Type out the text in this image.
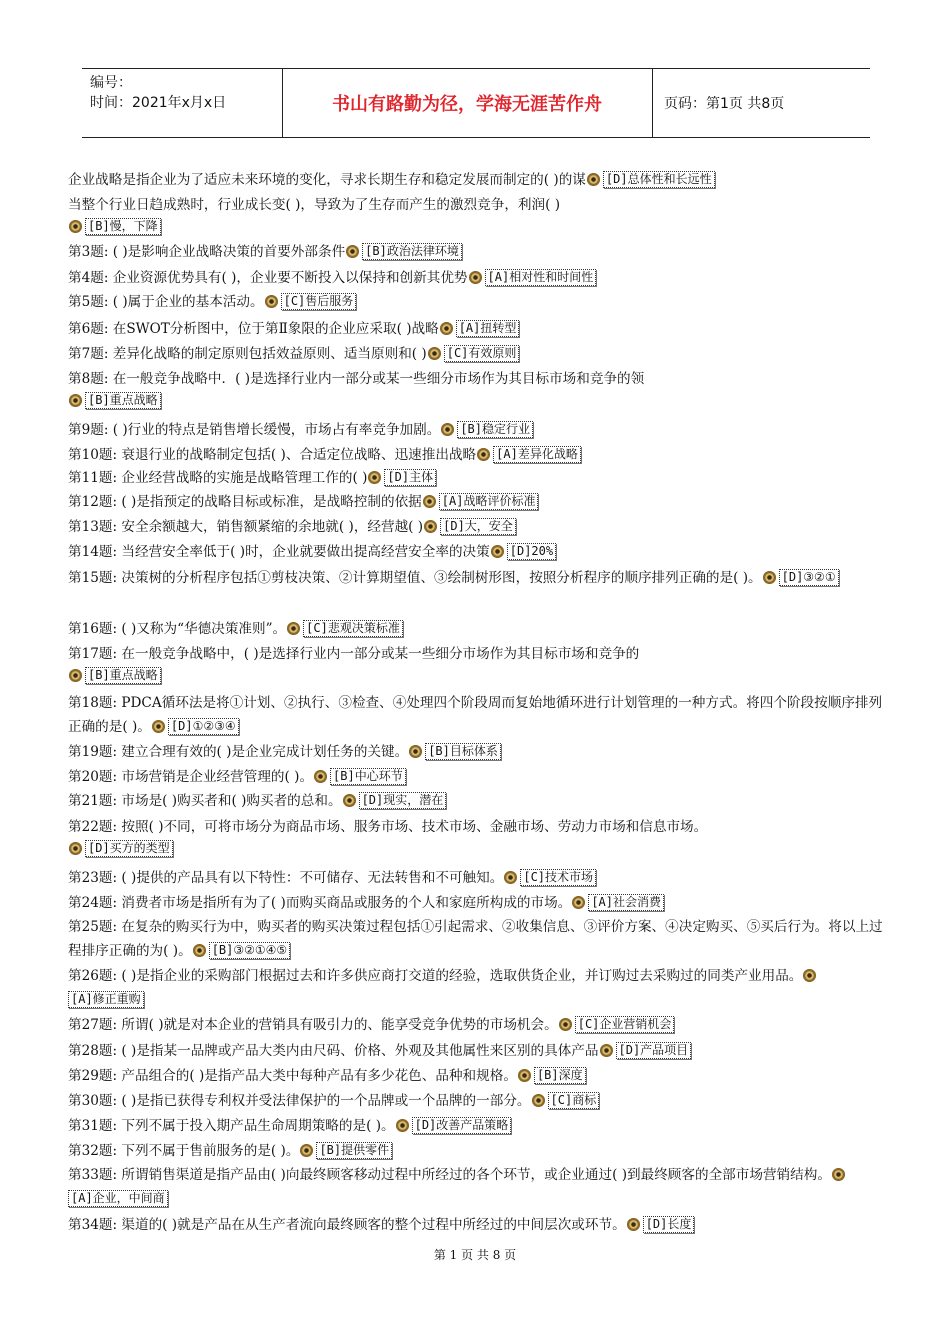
编号：
时间：2021年x月x日	书山有路勤为径，学海无涯苦作舟	页码：第1页 共8页
企业战略是指企业为了适应未来环境的变化，寻求长期生存和稳定发展而制定的( )的谋 [D]总体性和长远性
当整个行业日趋成熟时，行业成长变( )，导致为了生存而产生的激烈竞争，利润( )
[B]慢，下降
第3题: ( )是影响企业战略决策的首要外部条件 [B]政治法律环境
第4题: 企业资源优势具有( )，企业要不断投入以保持和创新其优势 [A]相对性和时间性
第5题: ( )属于企业的基本活动。 [C]售后服务
第6题: 在SWOT分析图中，位于第Ⅱ象限的企业应采取( )战略 [A]扭转型
第7题: 差异化战略的制定原则包括效益原则、适当原则和( ) [C]有效原则
第8题: 在一般竞争战略中．( )是选择行业内一部分或某一些细分市场作为其目标市场和竞争的领
[B]重点战略
第9题: ( )行业的特点是销售增长缓慢，市场占有率竞争加剧。 [B]稳定行业
第10题: 衰退行业的战略制定包括( )、合适定位战略、迅速推出战略 [A]差异化战略
第11题: 企业经营战略的实施是战略管理工作的( ) [D]主体
第12题: ( )是指预定的战略目标或标准，是战略控制的依据 [A]战略评价标准
第13题: 安全余额越大，销售额紧缩的余地就( )，经营越( ) [D]大，安全
第14题: 当经营安全率低于( )时，企业就要做出提高经营安全率的决策 [D]20%
第15题: 决策树的分析程序包括①剪枝决策、②计算期望值、③绘制树形图，按照分析程序的顺序排列正确的是( )。 [D]③②①
第16题: ( )又称为“华德决策准则”。 [C]悲观决策标准
第17题: 在一般竞争战略中，( )是选择行业内一部分或某一些细分市场作为其目标市场和竞争的
[B]重点战略
第18题: PDCA循环法是将①计划、②执行、③检查、④处理四个阶段周而复始地循环进行计划管理的一种方式。将四个阶段按顺序排列正确的是( )。 [D]①②③④
第19题: 建立合理有效的( )是企业完成计划任务的关键。 [B]目标体系
第20题: 市场营销是企业经营管理的( )。 [B]中心环节
第21题: 市场是( )购买者和( )购买者的总和。 [D]现实，潜在
第22题: 按照( )不同，可将市场分为商品市场、服务市场、技术市场、金融市场、劳动力市场和信息市场。
[D]买方的类型
第23题: ( )提供的产品具有以下特性：不可储存、无法转售和不可触知。 [C]技术市场
第24题: 消费者市场是指所有为了( )而购买商品或服务的个人和家庭所构成的市场。 [A]社会消费
第25题: 在复杂的购买行为中，购买者的购买决策过程包括①引起需求、②收集信息、③评价方案、④决定购买、⑤买后行为。将以上过程排序正确的为( )。 [B]③②①④⑤
第26题: ( )是指企业的采购部门根据过去和许多供应商打交道的经验，选取供货企业，并订购过去采购过的同类产业用品。[A]修正重购
第27题: 所谓( )就是对本企业的营销具有吸引力的、能享受竞争优势的市场机会。 [C]企业营销机会
第28题: ( )是指某一品牌或产品大类内由尺码、价格、外观及其他属性来区别的具体产品 [D]产品项目
第29题: 产品组合的( )是指产品大类中每种产品有多少花色、品种和规格。 [B]深度
第30题: ( )是指已获得专利权并受法律保护的一个品牌或一个品牌的一部分。 [C]商标
第31题: 下列不属于投入期产品生命周期策略的是( )。 [D]改善产品策略
第32题: 下列不属于售前服务的是( )。 [B]提供零件
第33题: 所谓销售渠道是指产品由( )向最终顾客移动过程中所经过的各个环节，或企业通过( )到最终顾客的全部市场营销结构。[A]企业，中间商
第34题: 渠道的( )就是产品在从生产者流向最终顾客的整个过程中所经过的中间层次或环节。 [D]长度
第 1 页 共 8 页
